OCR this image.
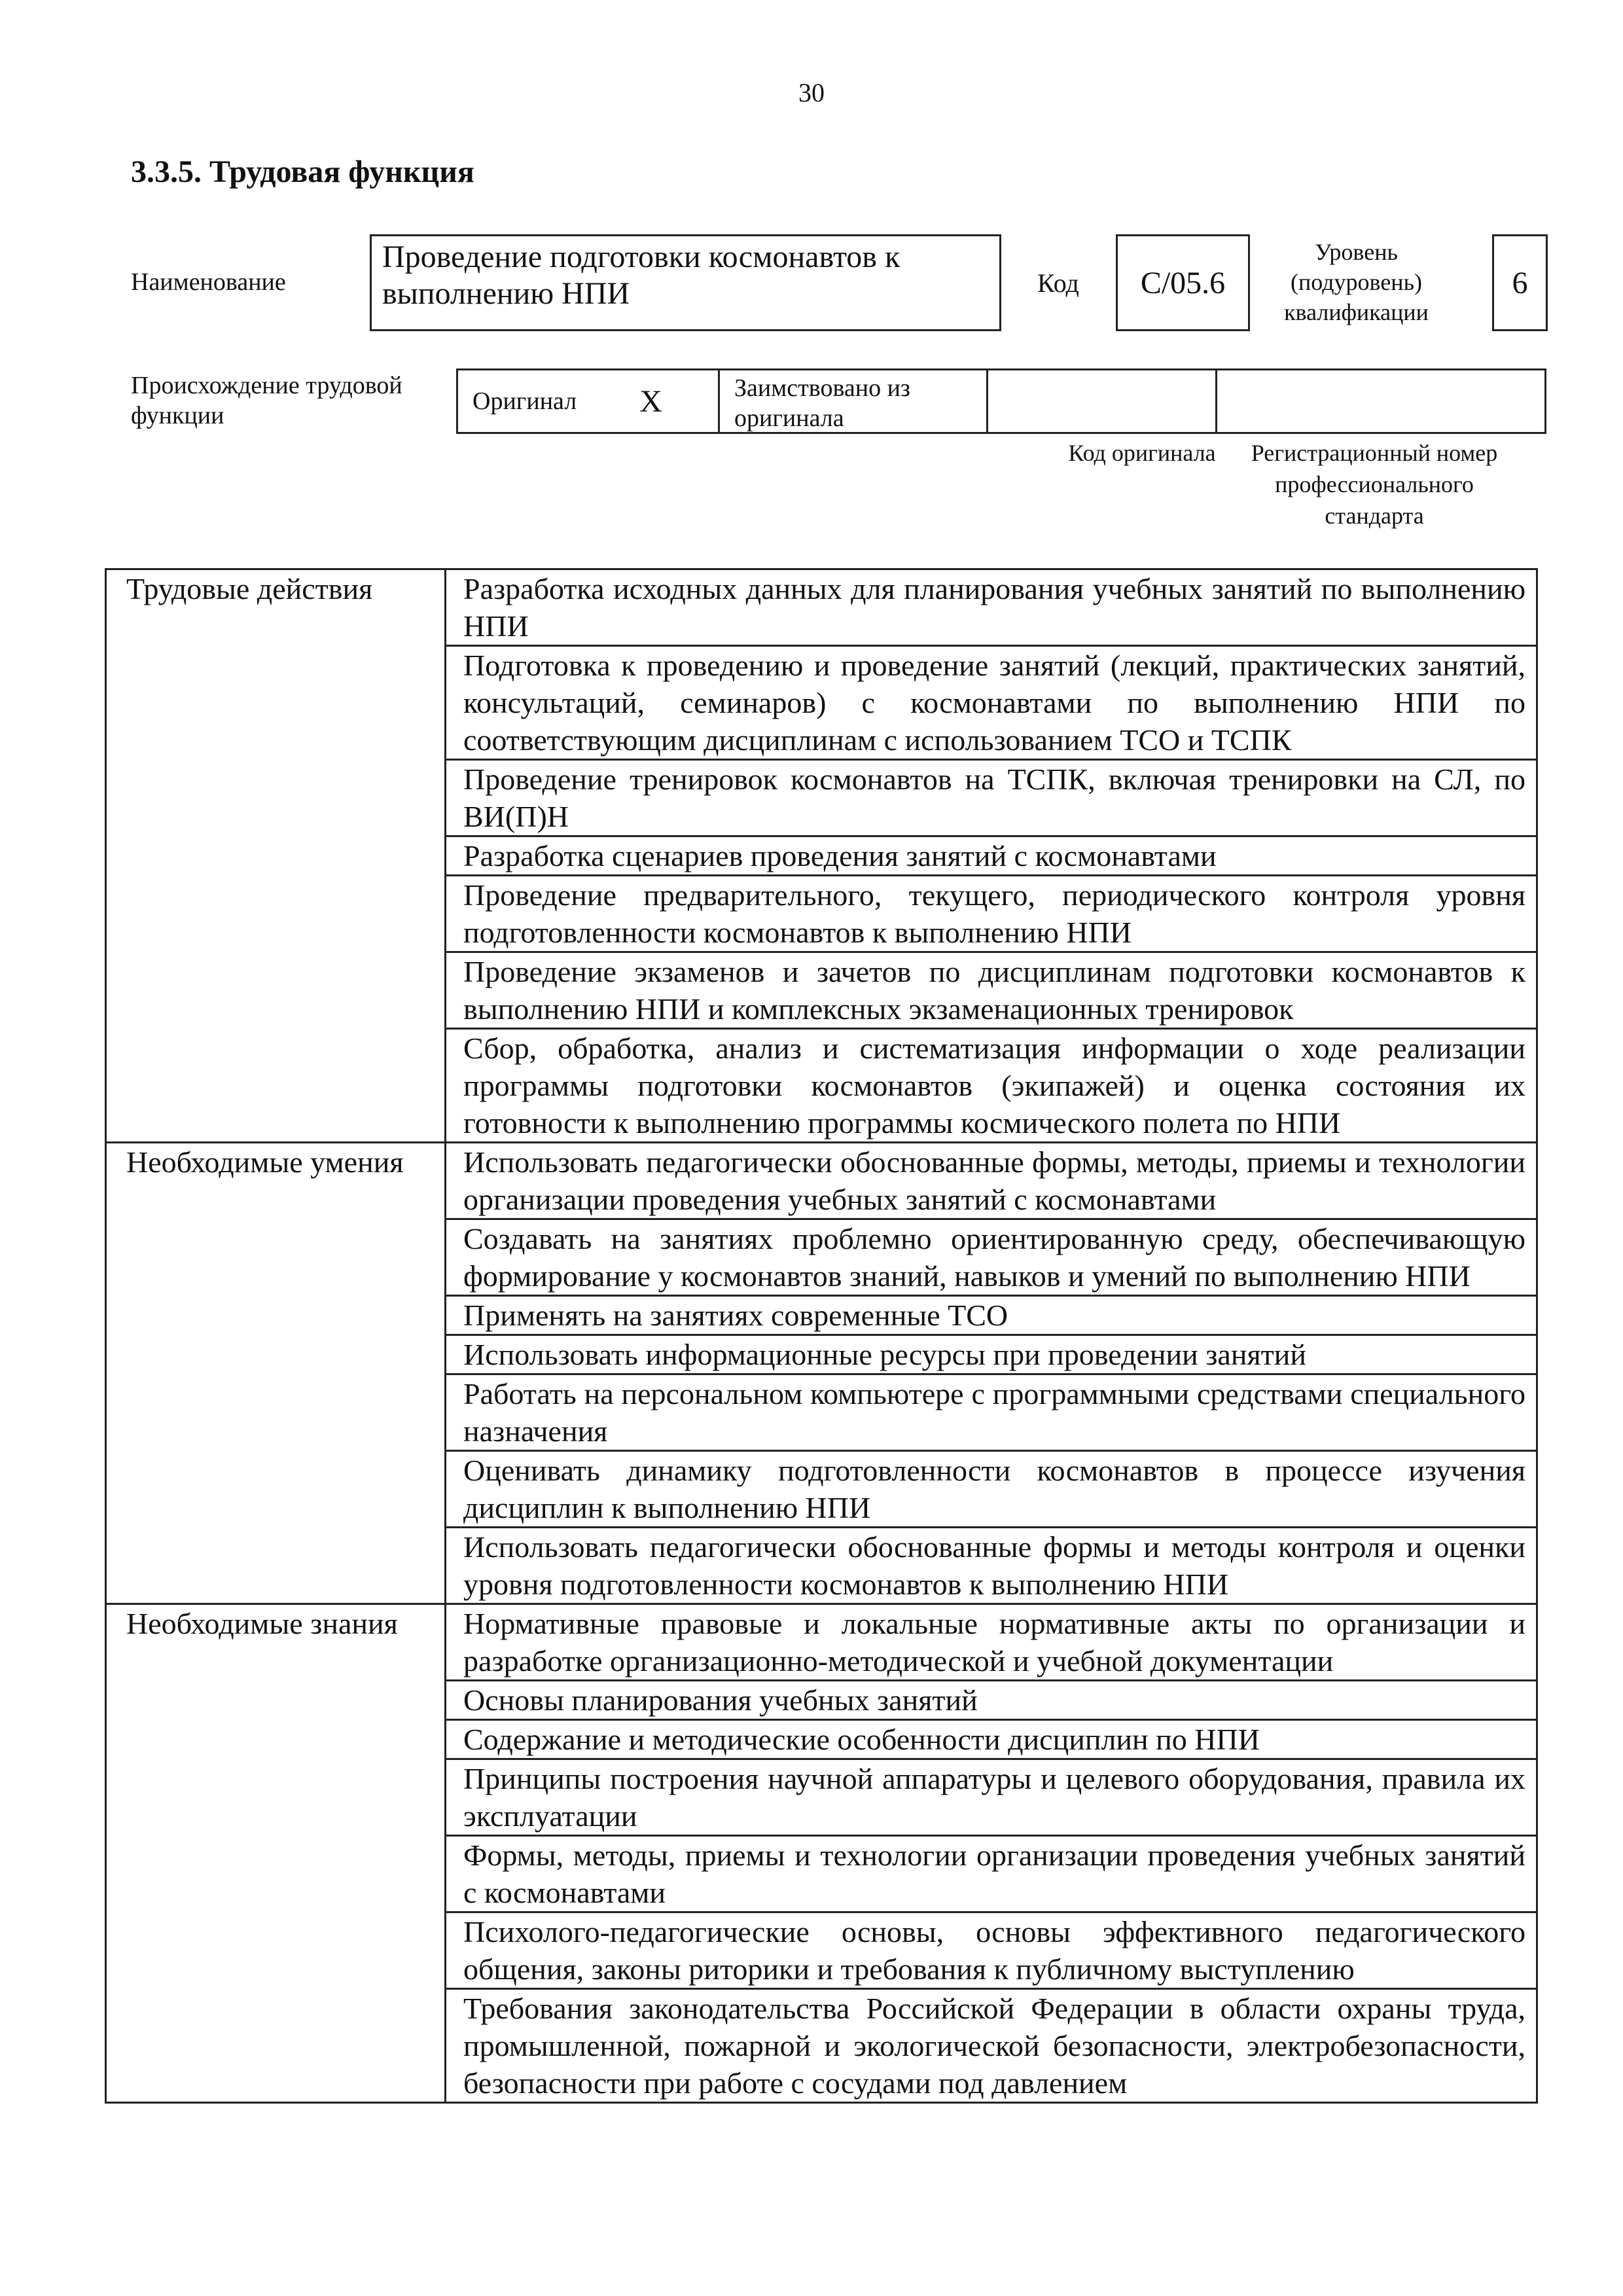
30
3.3.5. Трудовая функция
Наименование
Проведение подготовки космонавтов к выполнению НПИ	Код C/05.6
Уровень (подуровень) квалификации
6
Происхождение трудовой функции
Оригинал X	Заимствовано из оригинала
Код оригинала	Регистрационный номер профессионального стандарта
Трудовые действия	Разработка исходных данных для планирования учебных занятий по выполнению НПИ
	Подготовка к проведению и проведение занятий (лекций, практических занятий, консультаций, семинаров) с космонавтами по выполнению НПИ по соответствующим дисциплинам с использованием ТСО и ТСПК
	Проведение тренировок космонавтов на ТСПК, включая тренировки на СЛ, по ВИ(П)Н
	Разработка сценариев проведения занятий с космонавтами
	Проведение предварительного, текущего, периодического контроля уровня подготовленности космонавтов к выполнению НПИ
	Проведение экзаменов и зачетов по дисциплинам подготовки космонавтов к выполнению НПИ и комплексных экзаменационных тренировок
	Сбор, обработка, анализ и систематизация информации о ходе реализации программы подготовки космонавтов (экипажей) и оценка состояния их готовности к выполнению программы космического полета по НПИ
Необходимые умения	Использовать педагогически обоснованные формы, методы, приемы и технологии организации проведения учебных занятий с космонавтами
	Создавать на занятиях проблемно ориентированную среду, обеспечивающую формирование у космонавтов знаний, навыков и умений по выполнению НПИ
	Применять на занятиях современные ТСО
	Использовать информационные ресурсы при проведении занятий
	Работать на персональном компьютере с программными средствами специального назначения
	Оценивать динамику подготовленности космонавтов в процессе изучения дисциплин к выполнению НПИ
	Использовать педагогически обоснованные формы и методы контроля и оценки уровня подготовленности космонавтов к выполнению НПИ
Необходимые знания	Нормативные правовые и локальные нормативные акты по организации и разработке организационно-методической и учебной документации
	Основы планирования учебных занятий
	Содержание и методические особенности дисциплин по НПИ
	Принципы построения научной аппаратуры и целевого оборудования, правила их эксплуатации
	Формы, методы, приемы и технологии организации проведения учебных занятий с космонавтами
	Психолого-педагогические основы, основы эффективного педагогического общения, законы риторики и требования к публичному выступлению
	Требования законодательства Российской Федерации в области охраны труда, промышленной, пожарной и экологической безопасности, электробезопасности, безопасности при работе с сосудами под давлением
